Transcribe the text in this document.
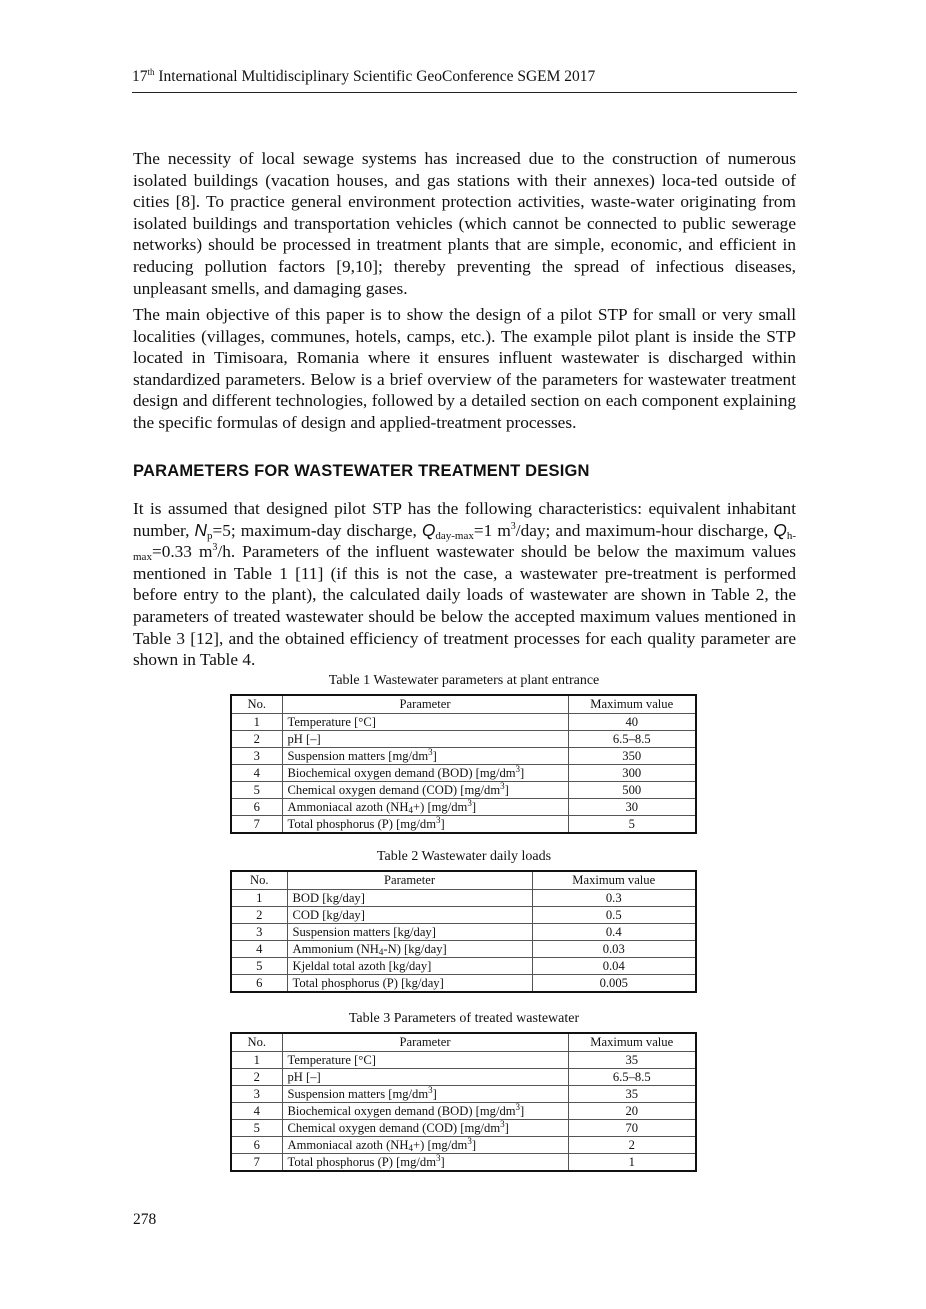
17th International Multidisciplinary Scientific GeoConference SGEM 2017
The necessity of local sewage systems has increased due to the construction of numerous isolated buildings (vacation houses, and gas stations with their annexes) loca-ted outside of cities [8]. To practice general environment protection activities, waste-water originating from isolated buildings and transportation vehicles (which cannot be connected to public sewerage networks) should be processed in treatment plants that are simple, economic, and efficient in reducing pollution factors [9,10]; thereby preventing the spread of infectious diseases, unpleasant smells, and damaging gases.
The main objective of this paper is to show the design of a pilot STP for small or very small localities (villages, communes, hotels, camps, etc.). The example pilot plant is inside the STP located in Timisoara, Romania where it ensures influent wastewater is discharged within standardized parameters. Below is a brief overview of the parameters for wastewater treatment design and different technologies, followed by a detailed section on each component explaining the specific formulas of design and applied-treatment processes.
PARAMETERS FOR WASTEWATER TREATMENT DESIGN
It is assumed that designed pilot STP has the following characteristics: equivalent inhabitant number, $N_p=5$; maximum-day discharge, $Q_{day-max}=1$ $m^3$/day; and maximum-hour discharge, $Q_{h-max}=0.33$ $m^3/h$. Parameters of the influent wastewater should be below the maximum values mentioned in Table 1 [11] (if this is not the case, a wastewater pre-treatment is performed before entry to the plant), the calculated daily loads of wastewater are shown in Table 2, the parameters of treated wastewater should be below the accepted maximum values mentioned in Table 3 [12], and the obtained efficiency of treatment processes for each quality parameter are shown in Table 4.
Table 1 Wastewater parameters at plant entrance
No.	Parameter	Maximum value
1	Temperature [°C]	40
2	pH [–]	6.5–8.5
3	Suspension matters $[mg/dm^3]$	350
4	Biochemical oxygen demand (BOD) $[mg/dm^3]$	300
5	Chemical oxygen demand (COD) $[mg/dm^3]$	500
6	Ammoniacal azoth (NH4+) $[mg/dm^3]$	30
7	Total phosphorus (P) $[mg/dm^3]$	5
Table 2 Wastewater daily loads
No.	Parameter	Maximum value
1	BOD [kg/day]	0.3
2	COD [kg/day]	0.5
3	Suspension matters [kg/day]	0.4
4	Ammonium (NH4-N) [kg/day]	0.03
5	Kjeldal total azoth [kg/day]	0.04
6	Total phosphorus (P) [kg/day]	0.005
Table 3 Parameters of treated wastewater
No.	Parameter	Maximum value
1	Temperature [°C]	35
2	pH [–]	6.5–8.5
3	Suspension matters $[mg/dm^3]$	35
4	Biochemical oxygen demand (BOD) $[mg/dm^3]$	20
5	Chemical oxygen demand (COD) $[mg/dm^3]$	70
6	Ammoniacal azoth (NH4+) $[mg/dm^3]$	2
7	Total phosphorus (P) $[mg/dm^3]$	1
278
